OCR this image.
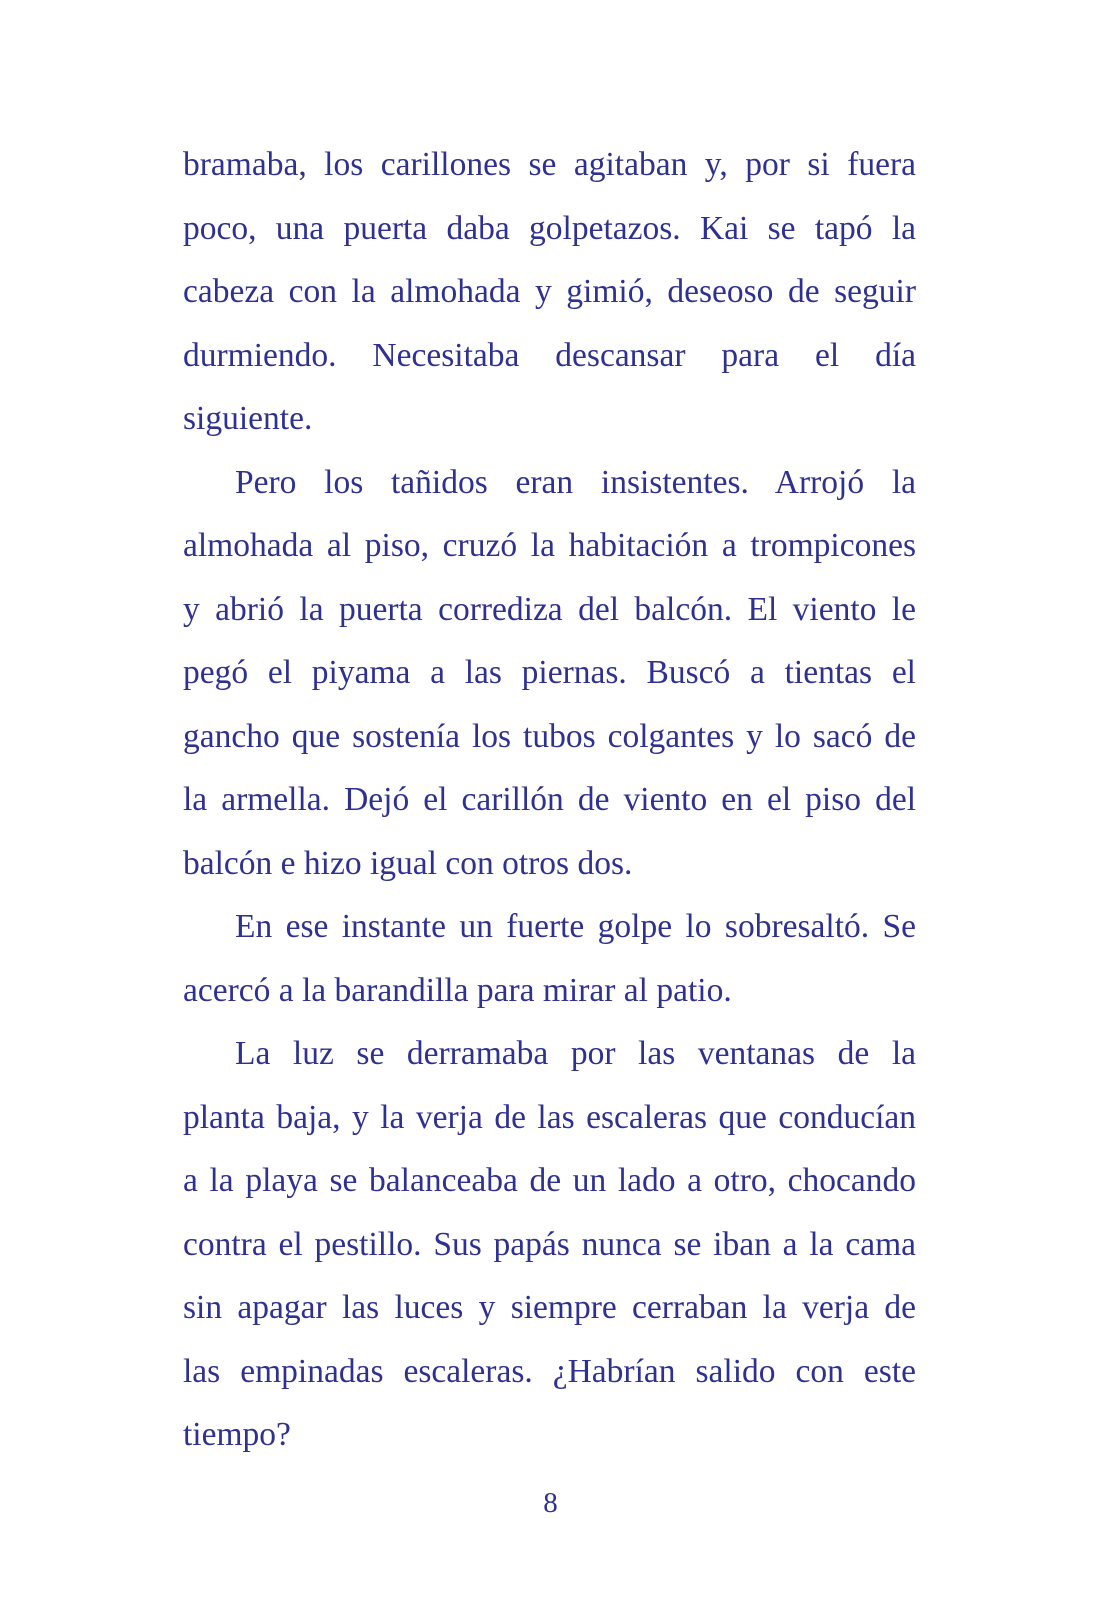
bramaba, los carillones se agitaban y, por si fuera
poco, una puerta daba golpetazos. Kai se tapó la
cabeza con la almohada y gimió, deseoso de seguir
durmiendo. Necesitaba descansar para el día
siguiente.
Pero los tañidos eran insistentes. Arrojó la
almohada al piso, cruzó la habitación a trompicones
y abrió la puerta corrediza del balcón. El viento le
pegó el piyama a las piernas. Buscó a tientas el
gancho que sostenía los tubos colgantes y lo sacó de
la armella. Dejó el carillón de viento en el piso del
balcón e hizo igual con otros dos.
En ese instante un fuerte golpe lo sobresaltó. Se
acercó a la barandilla para mirar al patio.
La luz se derramaba por las ventanas de la
planta baja, y la verja de las escaleras que conducían
a la playa se balanceaba de un lado a otro, chocando
contra el pestillo. Sus papás nunca se iban a la cama
sin apagar las luces y siempre cerraban la verja de
las empinadas escaleras. ¿Habrían salido con este
tiempo?
8
